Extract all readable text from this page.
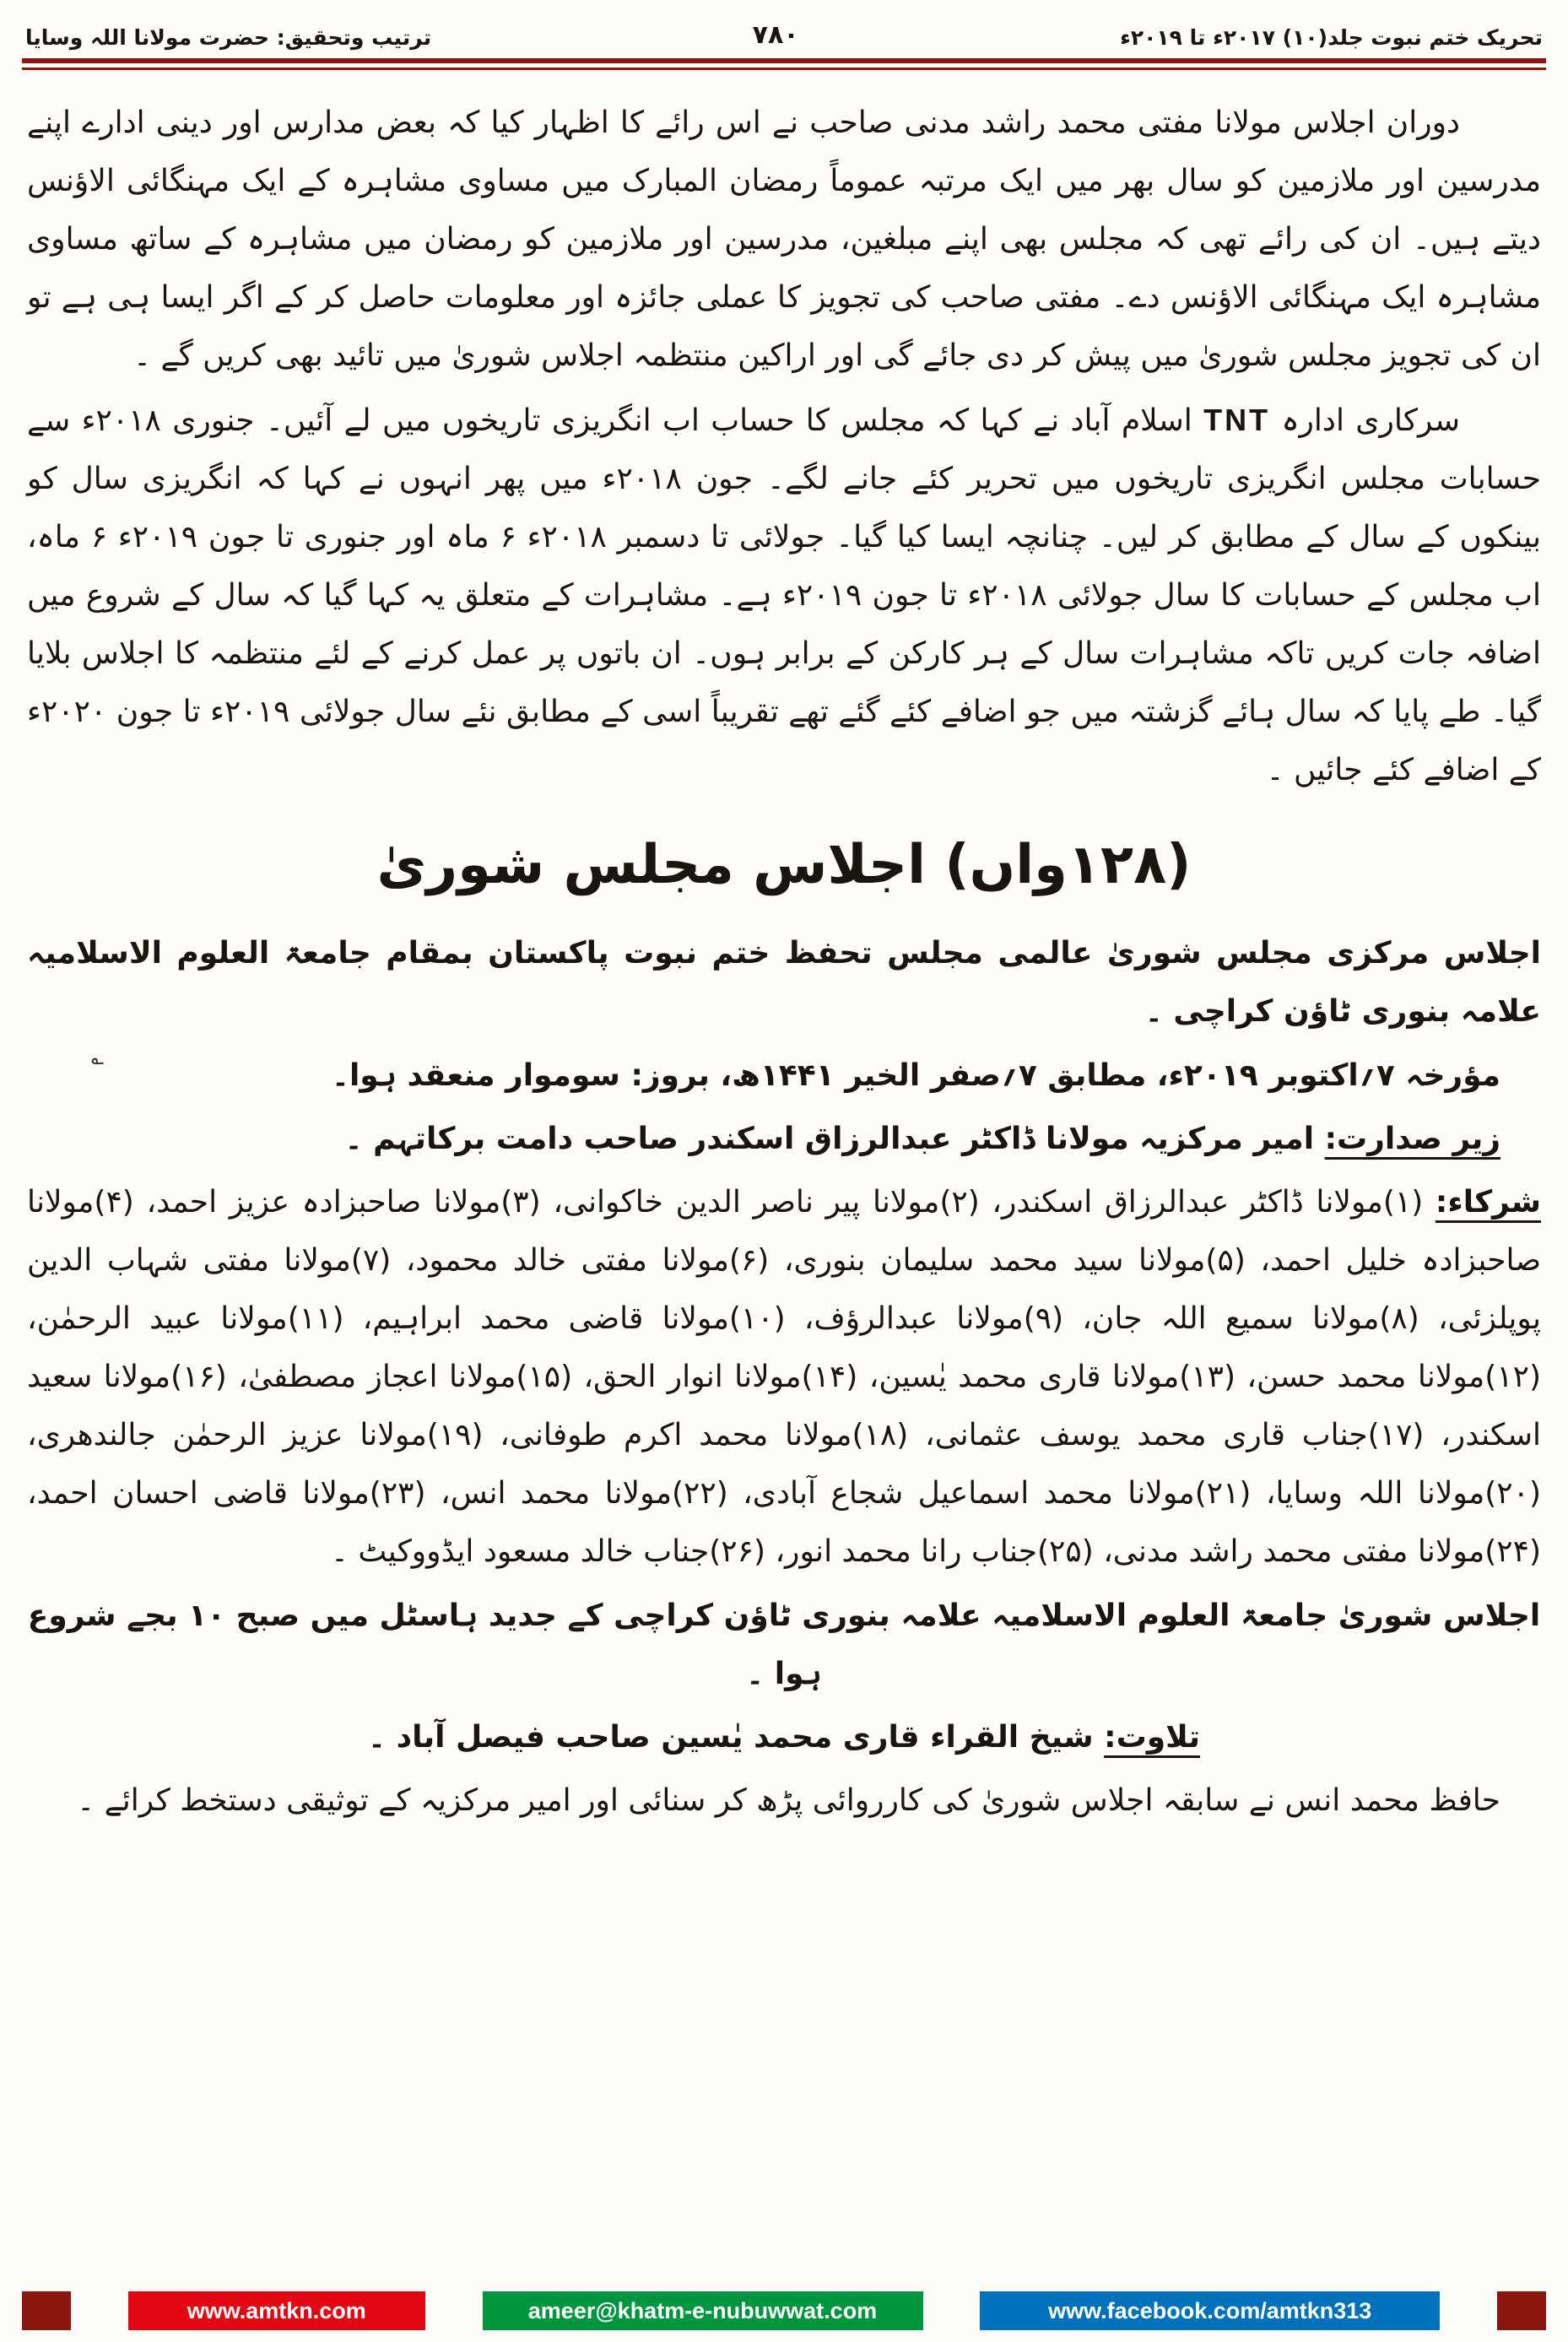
تحریک ختم نبوت جلد(۱۰) ۲۰۱۷ء تا ۲۰۱۹ء
۷۸۰
ترتیب وتحقیق: حضرت مولانا اللہ وسایا

دوران اجلاس مولانا مفتی محمد راشد مدنی صاحب نے اس رائے کا اظہار کیا کہ بعض مدارس اور دینی ادارے اپنے مدرسین اور ملازمین کو سال بھر میں ایک مرتبہ عموماً رمضان المبارک میں مساوی مشاہرہ کے ایک مہنگائی الاؤنس دیتے ہیں۔ ان کی رائے تھی کہ مجلس بھی اپنے مبلغین، مدرسین اور ملازمین کو رمضان میں مشاہرہ کے ساتھ مساوی مشاہرہ ایک مہنگائی الاؤنس دے۔ مفتی صاحب کی تجویز کا عملی جائزہ اور معلومات حاصل کر کے اگر ایسا ہی ہے تو ان کی تجویز مجلس شوریٰ میں پیش کر دی جائے گی اور اراکین منتظمہ اجلاس شوریٰ میں تائید بھی کریں گے ۔

سرکاری ادارہ TNT اسلام آباد نے کہا کہ مجلس کا حساب اب انگریزی تاریخوں میں لے آئیں۔ جنوری ۲۰۱۸ء سے حسابات مجلس انگریزی تاریخوں میں تحریر کئے جانے لگے۔ جون ۲۰۱۸ء میں پھر انہوں نے کہا کہ انگریزی سال کو بینکوں کے سال کے مطابق کر لیں۔ چنانچہ ایسا کیا گیا۔ جولائی تا دسمبر ۲۰۱۸ء ۶ ماہ اور جنوری تا جون ۲۰۱۹ء ۶ ماہ، اب مجلس کے حسابات کا سال جولائی ۲۰۱۸ء تا جون ۲۰۱۹ء ہے۔ مشاہرات کے متعلق یہ کہا گیا کہ سال کے شروع میں اضافہ جات کریں تاکہ مشاہرات سال کے ہر کارکن کے برابر ہوں۔ ان باتوں پر عمل کرنے کے لئے منتظمہ کا اجلاس بلایا گیا۔ طے پایا کہ سال ہائے گزشتہ میں جو اضافے کئے گئے تھے تقریباً اسی کے مطابق نئے سال جولائی ۲۰۱۹ء تا جون ۲۰۲۰ء کے اضافے کئے جائیں ۔

(۱۲۸واں) اجلاس مجلس شوریٰ

اجلاس مرکزی مجلس شوریٰ عالمی مجلس تحفظ ختم نبوت پاکستان بمقام جامعۃ العلوم الاسلامیہ علامہ بنوری ٹاؤن کراچی ۔

مؤرخہ ۷؍اکتوبر ۲۰۱۹ء، مطابق ۷؍صفر الخیر ۱۴۴۱ھ، بروز: سوموار منعقد ہوا۔

زیر صدارت: امیر مرکزیہ مولانا ڈاکٹر عبدالرزاق اسکندر صاحب دامت برکاتہم ۔

شرکاء: (۱)مولانا ڈاکٹر عبدالرزاق اسکندر، (۲)مولانا پیر ناصر الدین خاکوانی، (۳)مولانا صاحبزادہ عزیز احمد، (۴)مولانا صاحبزادہ خلیل احمد، (۵)مولانا سید محمد سلیمان بنوری، (۶)مولانا مفتی خالد محمود، (۷)مولانا مفتی شہاب الدین پوپلزئی، (۸)مولانا سمیع اللہ جان، (۹)مولانا عبدالرؤف، (۱۰)مولانا قاضی محمد ابراہیم، (۱۱)مولانا عبید الرحمٰن، (۱۲)مولانا محمد حسن، (۱۳)مولانا قاری محمد یٰسین، (۱۴)مولانا انوار الحق، (۱۵)مولانا اعجاز مصطفیٰ، (۱۶)مولانا سعید اسکندر، (۱۷)جناب قاری محمد یوسف عثمانی، (۱۸)مولانا محمد اکرم طوفانی، (۱۹)مولانا عزیز الرحمٰن جالندھری، (۲۰)مولانا اللہ وسایا، (۲۱)مولانا محمد اسماعیل شجاع آبادی، (۲۲)مولانا محمد انس، (۲۳)مولانا قاضی احسان احمد، (۲۴)مولانا مفتی محمد راشد مدنی، (۲۵)جناب رانا محمد انور، (۲۶)جناب خالد مسعود ایڈووکیٹ ۔

اجلاس شوریٰ جامعۃ العلوم الاسلامیہ علامہ بنوری ٹاؤن کراچی کے جدید ہاسٹل میں صبح ۱۰ بجے شروع ہوا ۔

تلاوت: شیخ القراء قاری محمد یٰسین صاحب فیصل آباد ۔

حافظ محمد انس نے سابقہ اجلاس شوریٰ کی کارروائی پڑھ کر سنائی اور امیر مرکزیہ کے توثیقی دستخط کرائے ۔

؎
www.amtkn.com	ameer@khatm-e-nubuwwat.com	www.facebook.com/amtkn313
